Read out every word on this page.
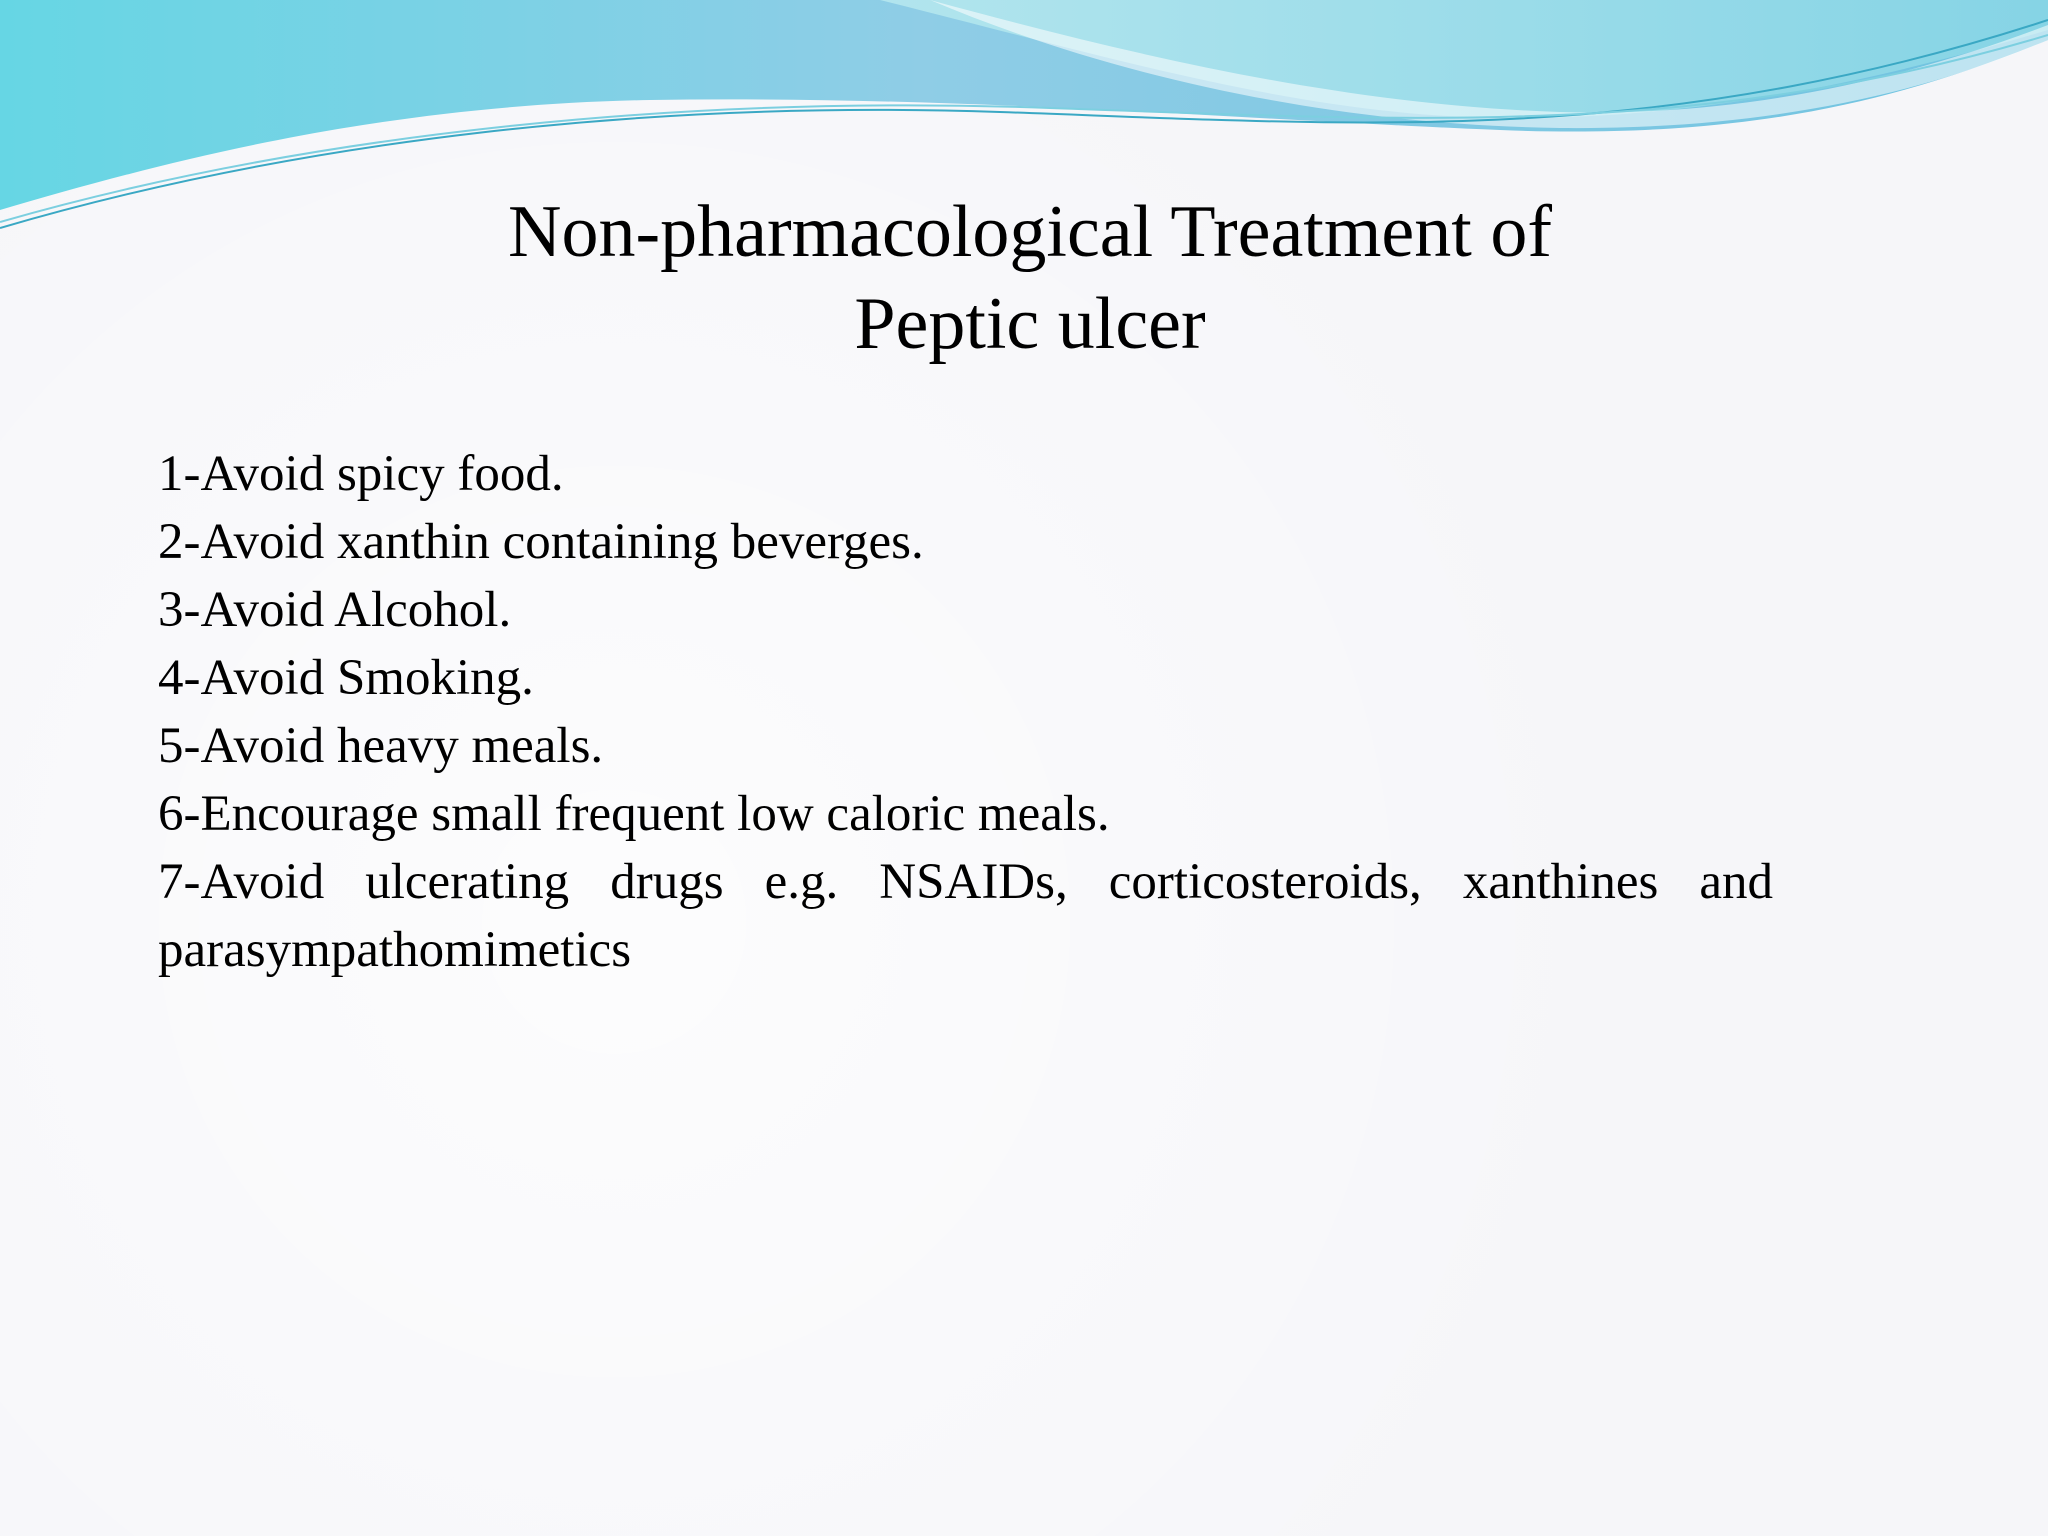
Non-pharmacological Treatment of
Peptic ulcer
1-Avoid spicy food.
2-Avoid xanthin containing beverges.
3-Avoid Alcohol.
4-Avoid Smoking.
5-Avoid heavy meals.
6-Encourage small frequent low caloric meals.
7-Avoid ulcerating drugs e.g. NSAIDs, corticosteroids, xanthines and parasympathomimetics
